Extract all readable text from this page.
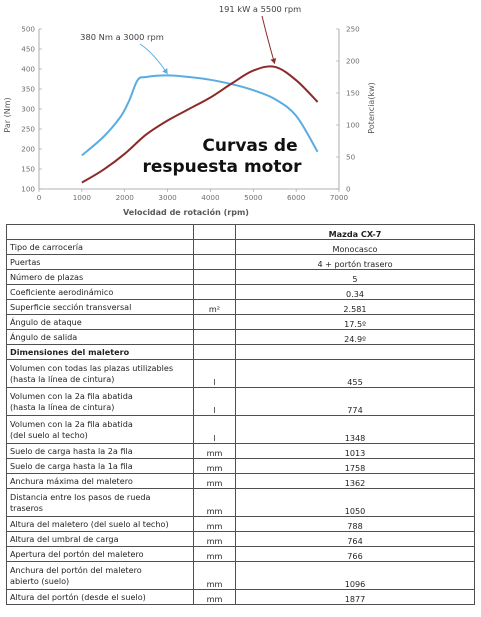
100
150
200
250
300
350
400
450
500
0
50
100
150
200
250
0	1000	2000	3000	4000	5000	6000	7000
380 Nm a 3000 rpm
191 kW a 5500 rpm
Par (Nm)	Potencia(kw)
Velocidad de rotación (rpm)
Curvas de
respuesta motor
		Mazda CX-7
Tipo de carrocería		Monocasco
Puertas		4 + portón trasero
Número de plazas		5
Coeficiente aerodinámico		0.34
Superficie sección transversal	m²	2.581
Ángulo de ataque		17.5º
Ángulo de salida		24.9º
Dimensiones del maletero		
Volumen con todas las plazas utilizables
(hasta la línea de cintura)	l	455
Volumen con la 2a fila abatida
(hasta la línea de cintura)	l	774
Volumen con la 2a fila abatida
(del suelo al techo)	l	1348
Suelo de carga hasta la 2a fila	mm	1013
Suelo de carga hasta la 1a fila	mm	1758
Anchura máxima del maletero	mm	1362
Distancia entre los pasos de rueda
traseros	mm	1050
Altura del maletero (del suelo al techo)	mm	788
Altura del umbral de carga	mm	764
Apertura del portón del maletero	mm	766
Anchura del portón del maletero
abierto (suelo)	mm	1096
Altura del portón (desde el suelo)	mm	1877
